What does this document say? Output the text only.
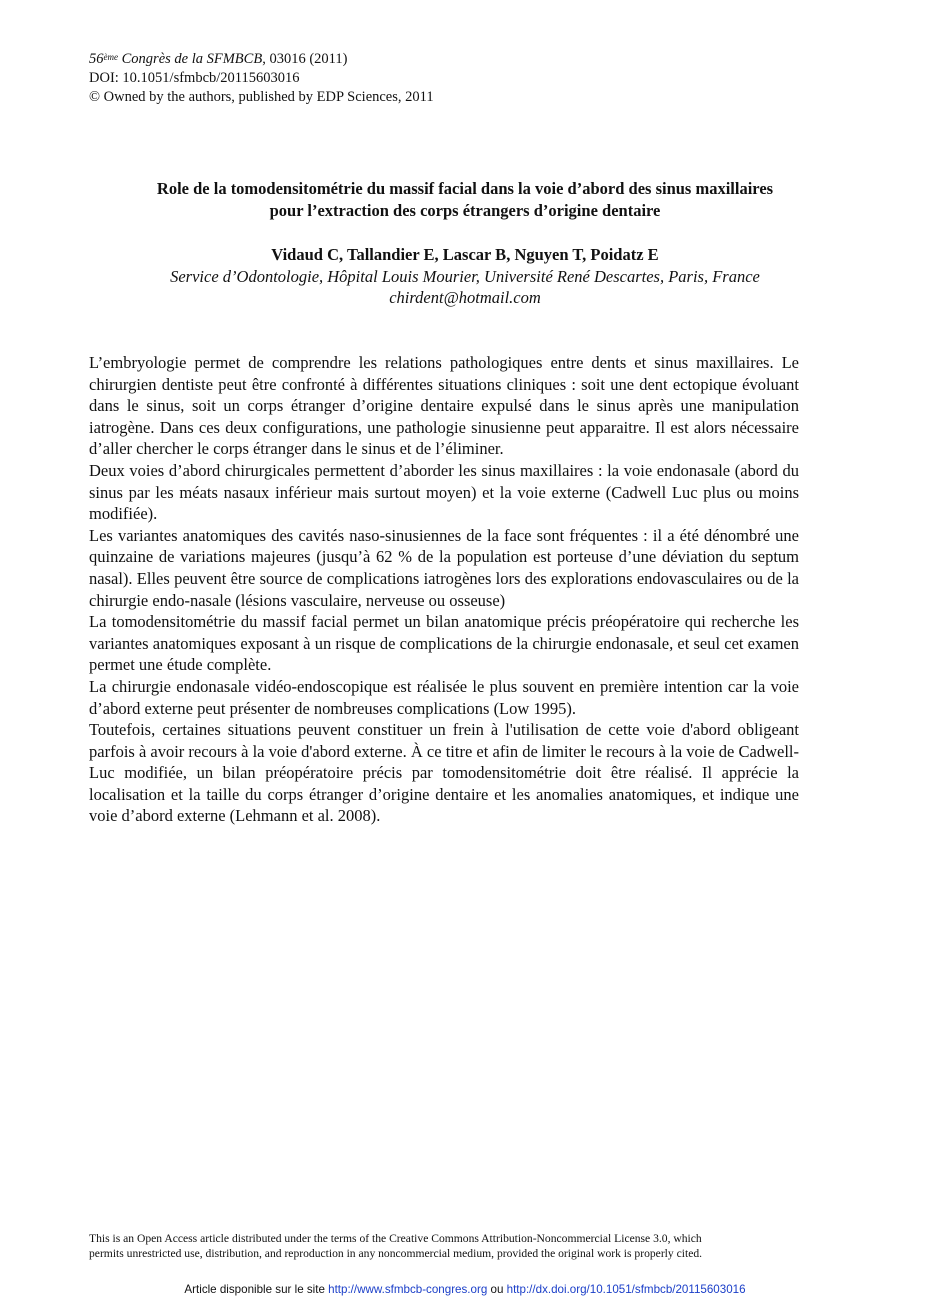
56ème Congrès de la SFMBCB, 03016 (2011)
DOI: 10.1051/sfmbcb/20115603016
© Owned by the authors, published by EDP Sciences, 2011
Role de la tomodensitométrie du massif facial dans la voie d’abord des sinus maxillaires
pour l’extraction des corps étrangers d’origine dentaire
Vidaud C, Tallandier E, Lascar B, Nguyen T, Poidatz E
Service d’Odontologie, Hôpital Louis Mourier, Université René Descartes, Paris, France
chirdent@hotmail.com

L’embryologie permet de comprendre les relations pathologiques entre dents et sinus maxillaires. Le chirurgien dentiste peut être confronté à différentes situations cliniques : soit une dent ectopique évoluant dans le sinus, soit un corps étranger d’origine dentaire expulsé dans le sinus après une manipulation iatrogène. Dans ces deux configurations, une pathologie sinusienne peut apparaitre. Il est alors nécessaire d’aller chercher le corps étranger dans le sinus et de l’éliminer.

Deux voies d’abord chirurgicales permettent d’aborder les sinus maxillaires : la voie endonasale (abord du sinus par les méats nasaux inférieur mais surtout moyen) et la voie externe (Cadwell Luc plus ou moins modifiée).

Les variantes anatomiques des cavités naso-sinusiennes de la face sont fréquentes : il a été dénombré une quinzaine de variations majeures (jusqu’à 62 % de la population est porteuse d’une déviation du septum nasal). Elles peuvent être source de complications iatrogènes lors des explorations endovasculaires ou de la chirurgie endo-nasale (lésions vasculaire, nerveuse ou osseuse)

La tomodensitométrie du massif facial permet un bilan anatomique précis préopératoire qui recherche les variantes anatomiques exposant à un risque de complications de la chirurgie endonasale, et seul cet examen permet une étude complète.

La chirurgie endonasale vidéo-endoscopique est réalisée le plus souvent en première intention car la voie d’abord externe peut présenter de nombreuses complications (Low 1995).

Toutefois, certaines situations peuvent constituer un frein à l'utilisation de cette voie d'abord obligeant parfois à avoir recours à la voie d'abord externe. À ce titre et afin de limiter le recours à la voie de Cadwell-Luc modifiée, un bilan préopératoire précis par tomodensitométrie doit être réalisé. Il apprécie la localisation et la taille du corps étranger d’origine dentaire et les anomalies anatomiques, et indique une voie d’abord externe (Lehmann et al. 2008).

This is an Open Access article distributed under the terms of the Creative Commons Attribution-Noncommercial License 3.0, which
permits unrestricted use, distribution, and reproduction in any noncommercial medium, provided the original work is properly cited.
Article disponible sur le site http://www.sfmbcb-congres.org ou http://dx.doi.org/10.1051/sfmbcb/20115603016
